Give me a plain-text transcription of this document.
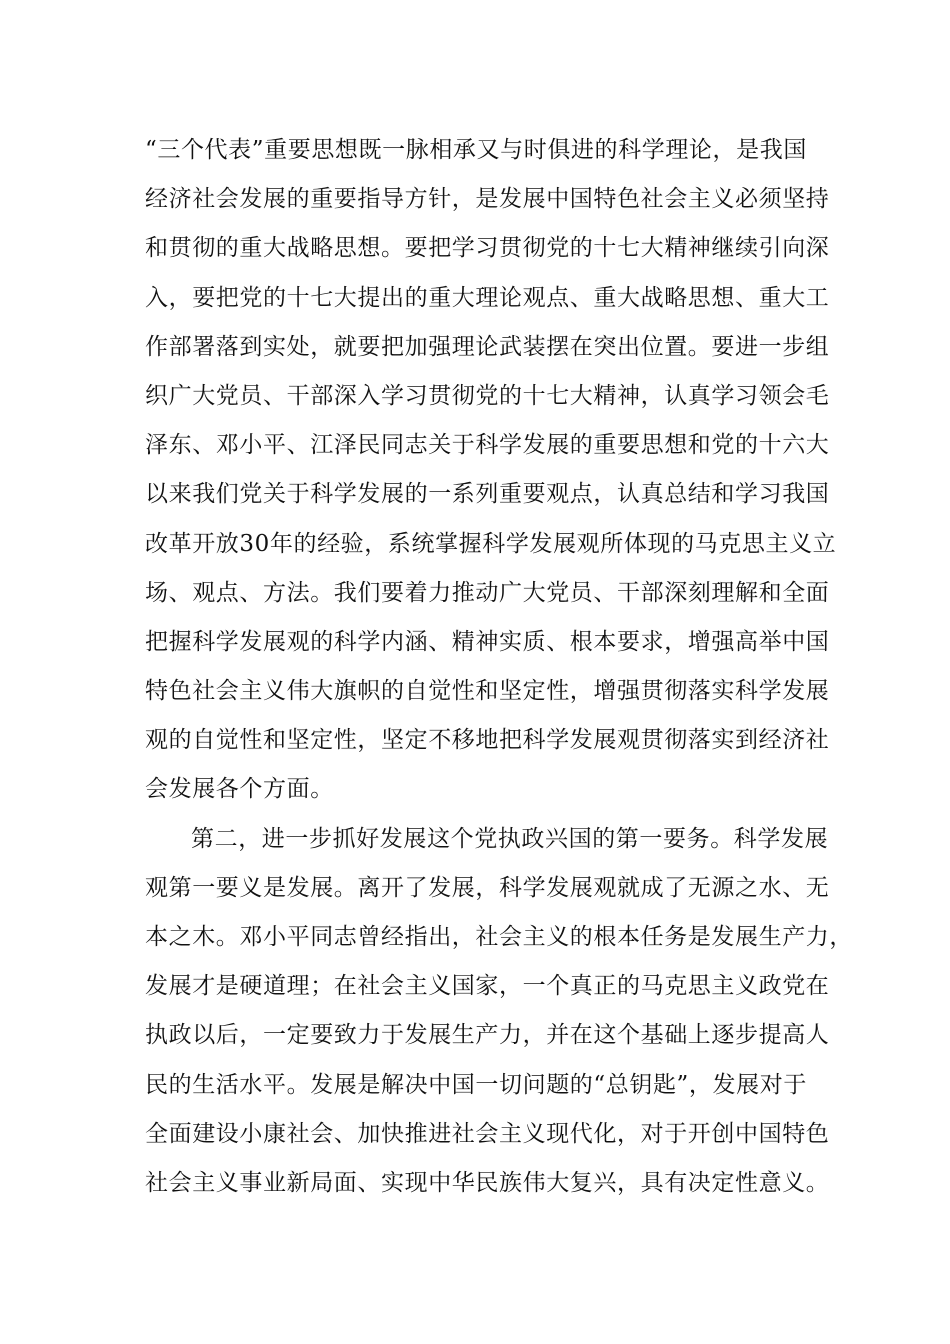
“三个代表”重要思想既一脉相承又与时俱进的科学理论，是我国
经济社会发展的重要指导方针，是发展中国特色社会主义必须坚持
和贯彻的重大战略思想。要把学习贯彻党的十七大精神继续引向深
入，要把党的十七大提出的重大理论观点、重大战略思想、重大工
作部署落到实处，就要把加强理论武装摆在突出位置。要进一步组
织广大党员、干部深入学习贯彻党的十七大精神，认真学习领会毛
泽东、邓小平、江泽民同志关于科学发展的重要思想和党的十六大
以来我们党关于科学发展的一系列重要观点，认真总结和学习我国
改革开放30年的经验，系统掌握科学发展观所体现的马克思主义立
场、观点、方法。我们要着力推动广大党员、干部深刻理解和全面
把握科学发展观的科学内涵、精神实质、根本要求，增强高举中国
特色社会主义伟大旗帜的自觉性和坚定性，增强贯彻落实科学发展
观的自觉性和坚定性，坚定不移地把科学发展观贯彻落实到经济社
会发展各个方面。
第二，进一步抓好发展这个党执政兴国的第一要务。科学发展
观第一要义是发展。离开了发展，科学发展观就成了无源之水、无
本之木。邓小平同志曾经指出，社会主义的根本任务是发展生产力，
发展才是硬道理；在社会主义国家，一个真正的马克思主义政党在
执政以后，一定要致力于发展生产力，并在这个基础上逐步提高人
民的生活水平。发展是解决中国一切问题的“总钥匙”，发展对于
全面建设小康社会、加快推进社会主义现代化，对于开创中国特色
社会主义事业新局面、实现中华民族伟大复兴，具有决定性意义。
